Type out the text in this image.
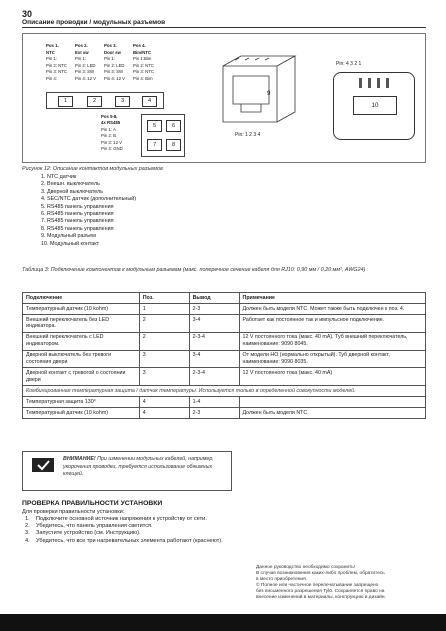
30
Описание проводки / модульных разъемов
Pos 1.
NTC
Pin 1:
Pin 2: NTC
Pin 3: NTC
Pin 4:
Pos 2.
Ext sw
Pin 1:
Pin 2: LED
Pin 3: SW
Pin 4: 12 V
Pos 3.
Door sw
Pin 1:
Pin 2: LED
Pin 3: SW
Pin 4: 12 V
Pos 4.
Bim/NTC
Pin 1:Bim
Pin 2: NTC
Pin 3: NTC
Pin 4: Bim
1	2	3	4
Pos 5-8.
4x RS485
Pin 1: A
Pin 2: B
Pin 3: 12 V
Pin 4: GND
5	6
7	8
9
Pin: 4 3 2 1
10
Pin: 1 2 3 4
Рисунок 12: Описание контактов модульных разъемов
1. NTC датчик
2. Внешн. выключатель
3. Дверной выключатель
4. SEC/NTC датчик (дополнительный)
5. RS485 панель управления
6. RS485 панель управления
7. RS485 панель управления
8. RS485 панель управления
9. Модульный разъем
10. Модульный контакт
Таблица 3: Подключение компонентов к модульным разъемам (макс. поперечное сечение кабеля для RJ10: 0,90 мм / 0,20 мм², AWG24)
Подключение	Поз.	Вывод	Примечание
Температурный датчик (10 kohm)	1	2-3	Должен быть модели NTC. Может также быть подключен к поз. 4.
Внешний переключатель без LED индикатора.	2	3-4	Работает как постоянное так и импульсное подключение.
Внешний переключатель с LED индикатором.	2	2-3-4	12 V постоянного тока (макс. 40 mA). Туб внешний переключатель, наименование: 9090 8045.
Дверной выключатель без тревоги состояния двери	3	3-4	От модели НО (нормально открытый). Туб дверной контакт, наименование: 9090 8035.
Дверной контакт с тревогой о состоянии двери	3	2-3-4	12 V постоянного тока (макс. 40 mA)
Комбинированная температурная защита / датчик температуры. Используется только в определенной совокупности моделей.			
Температурная защита 130°	4	1-4	
Температурный датчик (10 kohm)	4	2-3	Должен быть модели NTC.
ВНИМАНИЕ! При изменении модульных кабелей, например, укорочения проводки, требуется использование обжимных клещей.
ПРОВЕРКА ПРАВИЛЬНОСТИ УСТАНОВКИ
Для проверки правильности установки:
1. Подключите основной источник напряжения к устройству от сети.
2. Убедитесь, что панель управления светится.
3. Запустите устройство (см. Инструкцию).
4. Убедитесь, что все три нагревательных элемента работают (краснеют).
Данное руководство необходимо сохранить!
В случае возникновения каких-либо проблем, обратитесь
в место приобретения.
© Полное или частичное перепечатывание запрещено
без письменного разрешения Tylö. Сохраняется право на
внесение изменений в материалы, конструкцию и дизайн.
